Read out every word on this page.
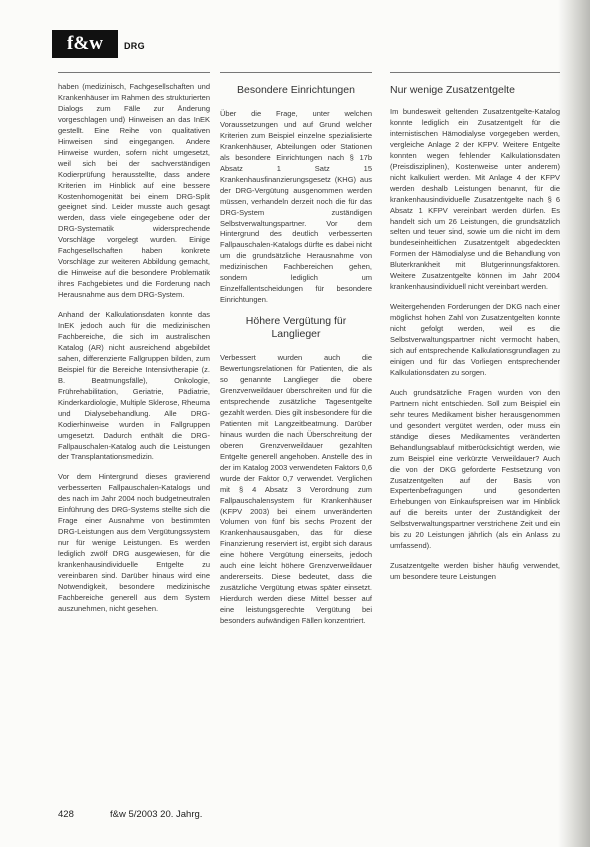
f&w	DRG

haben (medizinisch, Fachgesellschaften und Krankenhäuser im Rahmen des strukturierten Dialogs zum Fälle zur Änderung vorgeschlagen und) Hinweisen an das InEK gestellt. Eine Reihe von qualitativen Hinweisen sind eingegangen. Andere Hinweise wurden, sofern nicht umgesetzt, weil sich bei der sachverständigen Kodierprüfung herausstellte, dass andere Kriterien im Hinblick auf eine bessere Kostenhomogenität bei einem DRG-Split geeignet sind. Leider musste auch gesagt werden, dass viele eingegebene oder der DRG-Systematik widersprechende Vorschläge vorgelegt wurden. Einige Fachgesellschaften haben konkrete Vorschläge zur weiteren Abbildung gemacht, die Hinweise auf die besondere Problematik ihres Fachgebietes und die Forderung nach Herausnahme aus dem DRG-System.

Anhand der Kalkulationsdaten konnte das InEK jedoch auch für die medizinischen Fachbereiche, die sich im australischen Katalog (AR) nicht ausreichend abgebildet sahen, differenzierte Fallgruppen bilden, zum Beispiel für die Bereiche Intensivtherapie (z. B. Beatmungsfälle), Onkologie, Frührehabilitation, Geriatrie, Pädiatrie, Kinderkardiologie, Multiple Sklerose, Rheuma und Dialysebehandlung. Alle DRG-Kodierhinweise wurden in Fallgruppen umgesetzt. Dadurch enthält die DRG-Fallpauschalen-Katalog auch die Leistungen der Transplantationsmedizin.

Vor dem Hintergrund dieses gravierend verbesserten Fallpauschalen-Katalogs und des nach im Jahr 2004 noch budgetneutralen Einführung des DRG-Systems stellte sich die Frage einer Ausnahme von bestimmten DRG-Leistungen aus dem Vergütungssystem nur für wenige Leistungen. Es werden lediglich zwölf DRG ausgewiesen, für die krankenhausindividuelle Entgelte zu vereinbaren sind. Darüber hinaus wird eine Notwendigkeit, besondere medizinische Fachbereiche generell aus dem System auszunehmen, nicht gesehen.

Besondere Einrichtungen

Über die Frage, unter welchen Voraussetzungen und auf Grund welcher Kriterien zum Beispiel einzelne spezialisierte Krankenhäuser, Abteilungen oder Stationen als besondere Einrichtungen nach § 17b Absatz 1 Satz 15 Krankenhausfinanzierungsgesetz (KHG) aus der DRG-Vergütung ausgenommen werden müssen, verhandeln derzeit noch die für das DRG-System zuständigen Selbstverwaltungspartner. Vor dem Hintergrund des deutlich verbesserten Fallpauschalen-Katalogs dürfte es dabei nicht um die grundsätzliche Herausnahme von medizinischen Fachbereichen gehen, sondern lediglich um Einzelfallentscheidungen für besondere Einrichtungen.

Höhere Vergütung für Langlieger

Verbessert wurden auch die Bewertungsrelationen für Patienten, die als so genannte Langlieger die obere Grenzverweildauer überschreiten und für die entsprechende zusätzliche Tagesentgelte gezahlt werden. Dies gilt insbesondere für die Patienten mit Langzeitbeatmung. Darüber hinaus wurden die nach Überschreitung der oberen Grenzverweildauer gezahlten Entgelte generell angehoben. Anstelle des in der im Katalog 2003 verwendeten Faktors 0,6 wurde der Faktor 0,7 verwendet. Verglichen mit § 4 Absatz 3 Verordnung zum Fallpauschalensystem für Krankenhäuser (KFPV 2003) bei einem unveränderten Volumen von fünf bis sechs Prozent der Krankenhausausgaben, das für diese Finanzierung reserviert ist, ergibt sich daraus eine höhere Vergütung einerseits, jedoch auch eine leicht höhere Grenzverweildauer andererseits. Diese bedeutet, dass die zusätzliche Vergütung etwas später einsetzt. Hierdurch werden diese Mittel besser auf eine leistungsgerechte Vergütung bei besonders aufwändigen Fällen konzentriert.

Nur wenige Zusatzentgelte

Im bundesweit geltenden Zusatzentgelte-Katalog konnte lediglich ein Zusatzentgelt für die internistischen Hämodialyse vorgegeben werden, vergleiche Anlage 2 der KFPV. Weitere Entgelte konnten wegen fehlender Kalkulationsdaten (Preisdisziplinen), Kostenweise unter anderem) nicht kalkuliert werden. Mit Anlage 4 der KFPV werden deshalb Leistungen benannt, für die krankenhausindividuelle Zusatzentgelte nach § 6 Absatz 1 KFPV vereinbart werden dürfen. Es handelt sich um 26 Leistungen, die grundsätzlich selten und teuer sind, sowie um die nicht im dem bundeseinheitlichen Zusatzentgelt abgedeckten Formen der Hämodialyse und die Behandlung von Bluterkrankheit mit Blutgerinnungsfaktoren. Weitere Zusatzentgelte können im Jahr 2004 krankenhausindividuell nicht vereinbart werden.

Weitergehenden Forderungen der DKG nach einer möglichst hohen Zahl von Zusatzentgelten konnte nicht gefolgt werden, weil es die Selbstverwaltungspartner nicht vermocht haben, sich auf entsprechende Kalkulationsgrundlagen zu einigen und für das Vorliegen entsprechender Kalkulationsdaten zu sorgen.

Auch grundsätzliche Fragen wurden von den Partnern nicht entschieden. Soll zum Beispiel ein sehr teures Medikament bisher herausgenommen und gesondert vergütet werden, oder muss ein ständige dieses Medikamentes veränderten Behandlungsablauf mitberücksichtigt werden, wie zum Beispiel eine verkürzte Verweildauer? Auch die von der DKG geforderte Festsetzung von Zusatzentgelten auf der Basis von Expertenbefragungen und gesonderten Erhebungen von Einkaufspreisen war im Hinblick auf die bereits unter der Zuständigkeit der Selbstverwaltungspartner verstrichene Zeit und ein bis zu 20 Leistungen jährlich (als ein Anlass zu umfassend).

Zusatzentgelte werden bisher häufig verwendet, um besondere teure Leistungen

428	f&w 5/2003 20. Jahrg.
